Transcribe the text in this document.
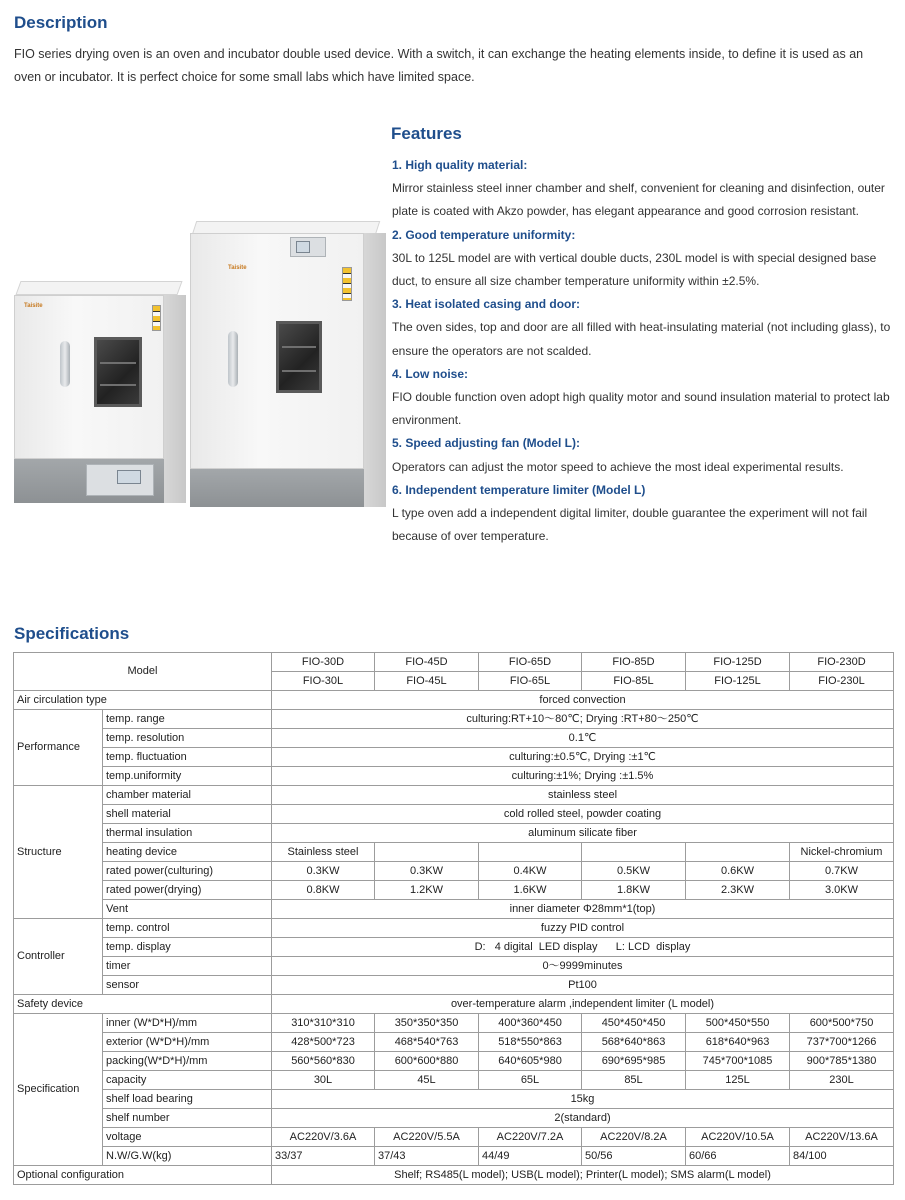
Description

FIO series drying oven is an oven and incubator double used device. With a switch, it can exchange the heating elements inside, to define it is used as an oven or incubator. It is perfect choice for some small labs which have limited space.

Taisite
Taisite
Features
1. High quality material:
Mirror stainless steel inner chamber and shelf, convenient for cleaning and disinfection, outer plate is coated with Akzo powder, has elegant appearance and good corrosion resistant.
2. Good temperature uniformity:
30L to 125L model are with vertical double ducts, 230L model is with special designed base duct, to ensure all size chamber temperature uniformity within ±2.5%.
3. Heat isolated casing and door:
The oven sides, top and door are all filled with heat-insulating material (not including glass), to ensure the operators are not scalded.
4. Low noise:
FIO double function oven adopt high quality motor and sound insulation material to protect lab environment.
5. Speed adjusting fan (Model L):
Operators can adjust the motor speed to achieve the most ideal experimental results.
6. Independent temperature limiter (Model L)
L type oven add a independent digital limiter, double guarantee the experiment will not fail because of over temperature.
Specifications
Model		FIO-30D	FIO-45D	FIO-65D	FIO-85D	FIO-125D	FIO-230D
		FIO-30L	FIO-45L	FIO-65L	FIO-85L	FIO-125L	FIO-230L
Air circulation type		forced convection					
Performance	temp. range	culturing:RT+10～80℃; Drying :RT+80～250℃					
	temp. resolution	0.1℃					
	temp. fluctuation	culturing:±0.5℃, Drying :±1℃					
	temp.uniformity	culturing:±1%; Drying :±1.5%					
Structure	chamber material	stainless steel					
	shell material	cold rolled steel, powder coating					
	thermal insulation	aluminum silicate fiber					
	heating device	Stainless steel					Nickel-chromium
	rated power(culturing)	0.3KW	0.3KW	0.4KW	0.5KW	0.6KW	0.7KW
	rated power(drying)	0.8KW	1.2KW	1.6KW	1.8KW	2.3KW	3.0KW
	Vent	inner diameter Φ28mm*1(top)					
Controller	temp. control	fuzzy PID control					
	temp. display	D:   4 digital  LED display      L: LCD  display					
	timer	0～9999minutes					
	sensor	Pt100					
Safety device		over-temperature alarm ,independent limiter (L model)					
Specification	inner (W*D*H)/mm	310*310*310	350*350*350	400*360*450	450*450*450	500*450*550	600*500*750
	exterior (W*D*H)/mm	428*500*723	468*540*763	518*550*863	568*640*863	618*640*963	737*700*1266
	packing(W*D*H)/mm	560*560*830	600*600*880	640*605*980	690*695*985	745*700*1085	900*785*1380
	capacity	30L	45L	65L	85L	125L	230L
	shelf load bearing	15kg					
	shelf number	2(standard)					
	voltage	AC220V/3.6A	AC220V/5.5A	AC220V/7.2A	AC220V/8.2A	AC220V/10.5A	AC220V/13.6A
	N.W/G.W(kg)	33/37	37/43	44/49	50/56	60/66	84/100
Optional configuration		Shelf; RS485(L model); USB(L model); Printer(L model); SMS alarm(L model)					
